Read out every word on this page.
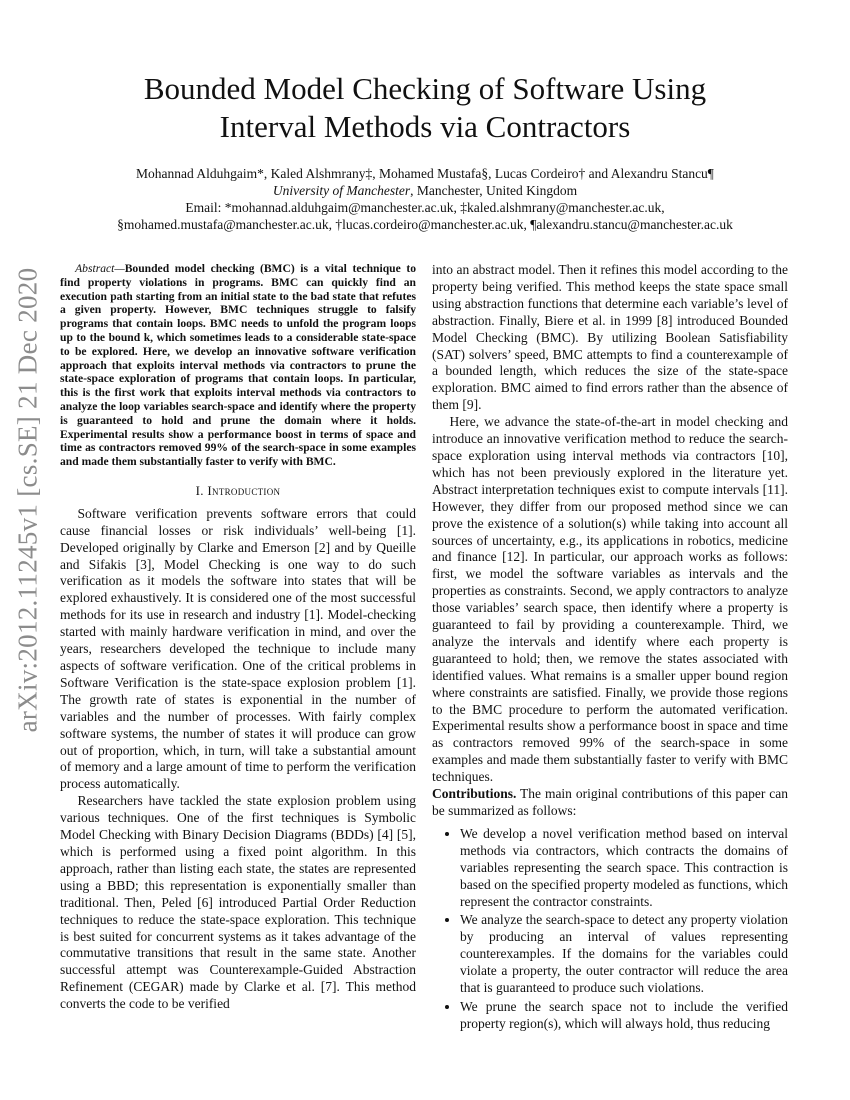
arXiv:2012.11245v1 [cs.SE] 21 Dec 2020
Bounded Model Checking of Software Using
Interval Methods via Contractors
Mohannad Alduhgaim*, Kaled Alshmrany‡, Mohamed Mustafa§, Lucas Cordeiro† and Alexandru Stancu¶
University of Manchester, Manchester, United Kingdom
Email: *mohannad.alduhgaim@manchester.ac.uk, ‡kaled.alshmrany@manchester.ac.uk,
§mohamed.mustafa@manchester.ac.uk, †lucas.cordeiro@manchester.ac.uk, ¶alexandru.stancu@manchester.ac.uk

Abstract—Bounded model checking (BMC) is a vital technique to find property violations in programs. BMC can quickly find an execution path starting from an initial state to the bad state that refutes a given property. However, BMC techniques struggle to falsify programs that contain loops. BMC needs to unfold the program loops up to the bound k, which sometimes leads to a considerable state-space to be explored. Here, we develop an innovative software verification approach that exploits interval methods via contractors to prune the state-space exploration of programs that contain loops. In particular, this is the first work that exploits interval methods via contractors to analyze the loop variables search-space and identify where the property is guaranteed to hold and prune the domain where it holds. Experimental results show a performance boost in terms of space and time as contractors removed 99% of the search-space in some examples and made them substantially faster to verify with BMC.

I. Introduction

Software verification prevents software errors that could cause financial losses or risk individuals’ well-being [1]. Developed originally by Clarke and Emerson [2] and by Queille and Sifakis [3], Model Checking is one way to do such verification as it models the software into states that will be explored exhaustively. It is considered one of the most successful methods for its use in research and industry [1]. Model-checking started with mainly hardware verification in mind, and over the years, researchers developed the technique to include many aspects of software verification. One of the critical problems in Software Verification is the state-space explosion problem [1]. The growth rate of states is exponential in the number of variables and the number of processes. With fairly complex software systems, the number of states it will produce can grow out of proportion, which, in turn, will take a substantial amount of memory and a large amount of time to perform the verification process automatically.

Researchers have tackled the state explosion problem using various techniques. One of the first techniques is Symbolic Model Checking with Binary Decision Diagrams (BDDs) [4] [5], which is performed using a fixed point algorithm. In this approach, rather than listing each state, the states are represented using a BBD; this representation is exponentially smaller than traditional. Then, Peled [6] introduced Partial Order Reduction techniques to reduce the state-space exploration. This technique is best suited for concurrent systems as it takes advantage of the commutative transitions that result in the same state. Another successful attempt was Counterexample-Guided Abstraction Refinement (CEGAR) made by Clarke et al. [7]. This method converts the code to be verified

into an abstract model. Then it refines this model according to the property being verified. This method keeps the state space small using abstraction functions that determine each variable’s level of abstraction. Finally, Biere et al. in 1999 [8] introduced Bounded Model Checking (BMC). By utilizing Boolean Satisfiability (SAT) solvers’ speed, BMC attempts to find a counterexample of a bounded length, which reduces the size of the state-space exploration. BMC aimed to find errors rather than the absence of them [9].

Here, we advance the state-of-the-art in model checking and introduce an innovative verification method to reduce the search-space exploration using interval methods via contractors [10], which has not been previously explored in the literature yet. Abstract interpretation techniques exist to compute intervals [11]. However, they differ from our proposed method since we can prove the existence of a solution(s) while taking into account all sources of uncertainty, e.g., its applications in robotics, medicine and finance [12]. In particular, our approach works as follows: first, we model the software variables as intervals and the properties as constraints. Second, we apply contractors to analyze those variables’ search space, then identify where a property is guaranteed to fail by providing a counterexample. Third, we analyze the intervals and identify where each property is guaranteed to hold; then, we remove the states associated with identified values. What remains is a smaller upper bound region where constraints are satisfied. Finally, we provide those regions to the BMC procedure to perform the automated verification. Experimental results show a performance boost in space and time as contractors removed 99% of the search-space in some examples and made them substantially faster to verify with BMC techniques.

Contributions. The main original contributions of this paper can be summarized as follows:

• We develop a novel verification method based on interval methods via contractors, which contracts the domains of variables representing the search space. This contraction is based on the specified property modeled as functions, which represent the contractor constraints.
• We analyze the search-space to detect any property violation by producing an interval of values representing counterexamples. If the domains for the variables could violate a property, the outer contractor will reduce the area that is guaranteed to produce such violations.
• We prune the search space not to include the verified property region(s), which will always hold, thus reducing
